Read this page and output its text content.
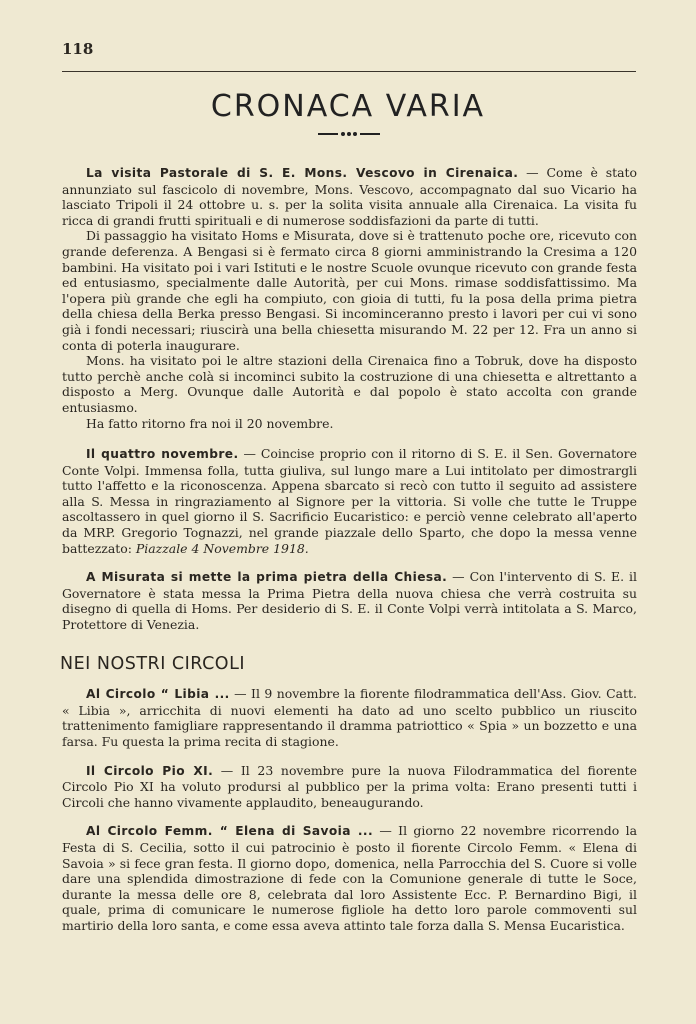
118
CRONACA VARIA

La visita Pastorale di S. E. Mons. Vescovo in Cirenaica. — Come è stato annunziato sul fascicolo di novembre, Mons. Vescovo, accompagnato dal suo Vicario ha lasciato Tripoli il 24 ottobre u. s. per la solita visita annuale alla Cirenaica. La visita fu ricca di grandi frutti spirituali e di numerose soddisfazioni da parte di tutti.

Di passaggio ha visitato Homs e Misurata, dove si è trattenuto poche ore, ricevuto con grande deferenza. A Bengasi si è fermato circa 8 giorni amministrando la Cresima a 120 bambini. Ha visitato poi i vari Istituti e le nostre Scuole ovunque ricevuto con grande festa ed entusiasmo, specialmente dalle Autorità, per cui Mons. rimase soddisfattissimo. Ma l'opera più grande che egli ha compiuto, con gioia di tutti, fu la posa della prima pietra della chiesa della Berka presso Bengasi. Si incominceranno presto i lavori per cui vi sono già i fondi necessari; riuscirà una bella chiesetta misurando M. 22 per 12. Fra un anno si conta di poterla inaugurare.

Mons. ha visitato poi le altre stazioni della Cirenaica fino a Tobruk, dove ha disposto tutto perchè anche colà si incominci subito la costruzione di una chiesetta e altrettanto a disposto a Merg. Ovunque dalle Autorità e dal popolo è stato accolta con grande entusiasmo.

Ha fatto ritorno fra noi il 20 novembre.

Il quattro novembre. — Coincise proprio con il ritorno di S. E. il Sen. Governatore Conte Volpi. Immensa folla, tutta giuliva, sul lungo mare a Lui intitolato per dimostrargli tutto l'affetto e la riconoscenza. Appena sbarcato si recò con tutto il seguito ad assistere alla S. Messa in ringraziamento al Signore per la vittoria. Si volle che tutte le Truppe ascoltassero in quel giorno il S. Sacrificio Eucaristico: e perciò venne celebrato all'aperto da MRP. Gregorio Tognazzi, nel grande piazzale dello Sparto, che dopo la messa venne battezzato: Piazzale 4 Novembre 1918.

A Misurata si mette la prima pietra della Chiesa. — Con l'intervento di S. E. il Governatore è stata messa la Prima Pietra della nuova chiesa che verrà costruita su disegno di quella di Homs. Per desiderio di S. E. il Conte Volpi verrà intitolata a S. Marco, Protettore di Venezia.

NEI NOSTRI CIRCOLI

Al Circolo “ Libia ... — Il 9 novembre la fiorente filodrammatica dell'Ass. Giov. Catt. « Libia », arricchita di nuovi elementi ha dato ad uno scelto pubblico un riuscito trattenimento famigliare rappresentando il dramma patriottico « Spia » un bozzetto e una farsa. Fu questa la prima recita di stagione.

Il Circolo Pio XI. — Il 23 novembre pure la nuova Filodrammatica del fiorente Circolo Pio XI ha voluto prodursi al pubblico per la prima volta: Erano presenti tutti i Circoli che hanno vivamente applaudito, beneaugurando.

Al Circolo Femm. “ Elena di Savoia ... — Il giorno 22 novembre ricorrendo la Festa di S. Cecilia, sotto il cui patrocinio è posto il fiorente Circolo Femm. « Elena di Savoia » si fece gran festa. Il giorno dopo, domenica, nella Parrocchia del S. Cuore si volle dare una splendida dimostrazione di fede con la Comunione generale di tutte le Soce, durante la messa delle ore 8, celebrata dal loro Assistente Ecc. P. Bernardino Bigi, il quale, prima di comunicare le numerose figliole ha detto loro parole commoventi sul martirio della loro santa, e come essa aveva attinto tale forza dalla S. Mensa Eucaristica.
